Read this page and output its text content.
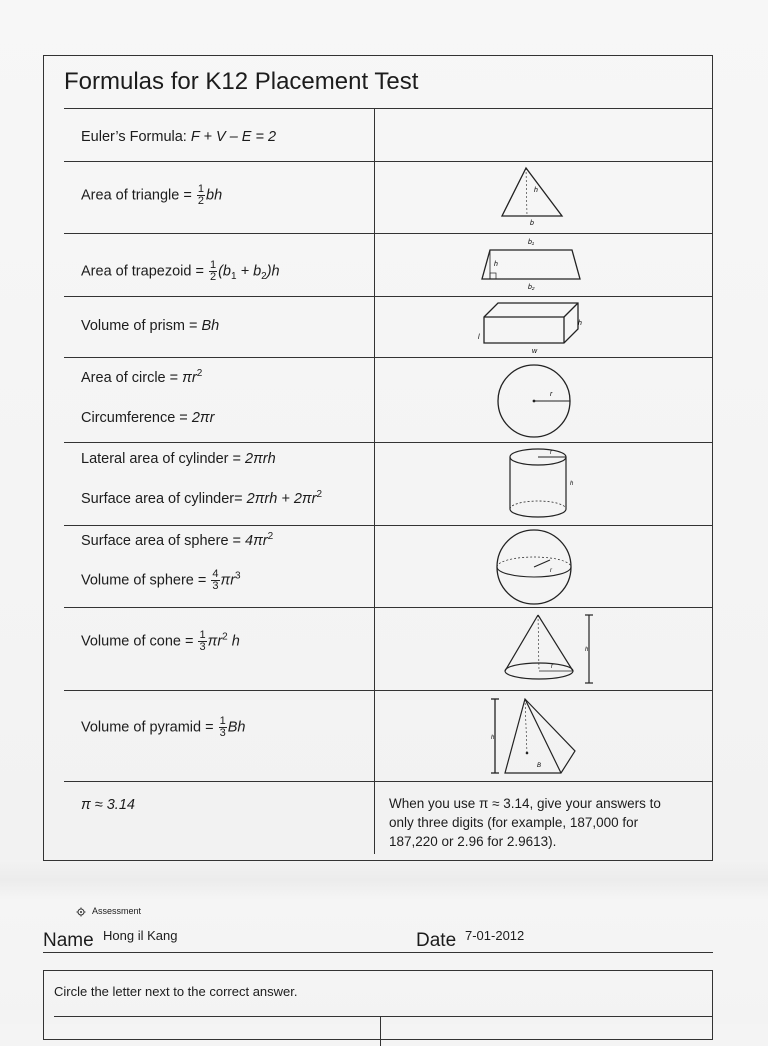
Formulas for K12 Placement Test
Euler’s Formula: F + V – E = 2
Area of triangle = $\frac{1}{2}$ bh
Area of trapezoid = $\frac{1}{2} (b_1 + b_2)h$
Volume of prism = Bh
Area of circle = $\pi r^2$
Circumference = 2πr
Lateral area of cylinder = 2πrh
Surface area of cylinder= $2\pi rh + 2\pi r^2$
Surface area of sphere = $4\pi r^2$
Volume of sphere = $\frac{4}{3} \pi r^3$
Volume of cone = $\frac{1}{3} \pi r^2$ h
Volume of pyramid = $\frac{1}{3}$ Bh
π ≈ 3.14	When you use π ≈ 3.14, give your answers to only three digits (for example, 187,000 for 187,220 or 2.96 for 2.9613).
h
b
b₁
h
b₂
h
l
w
r
r
h
r
r
h
h
B
Assessment
Name Hong il Kang	Date 7-01-2012
Circle the letter next to the correct answer.
